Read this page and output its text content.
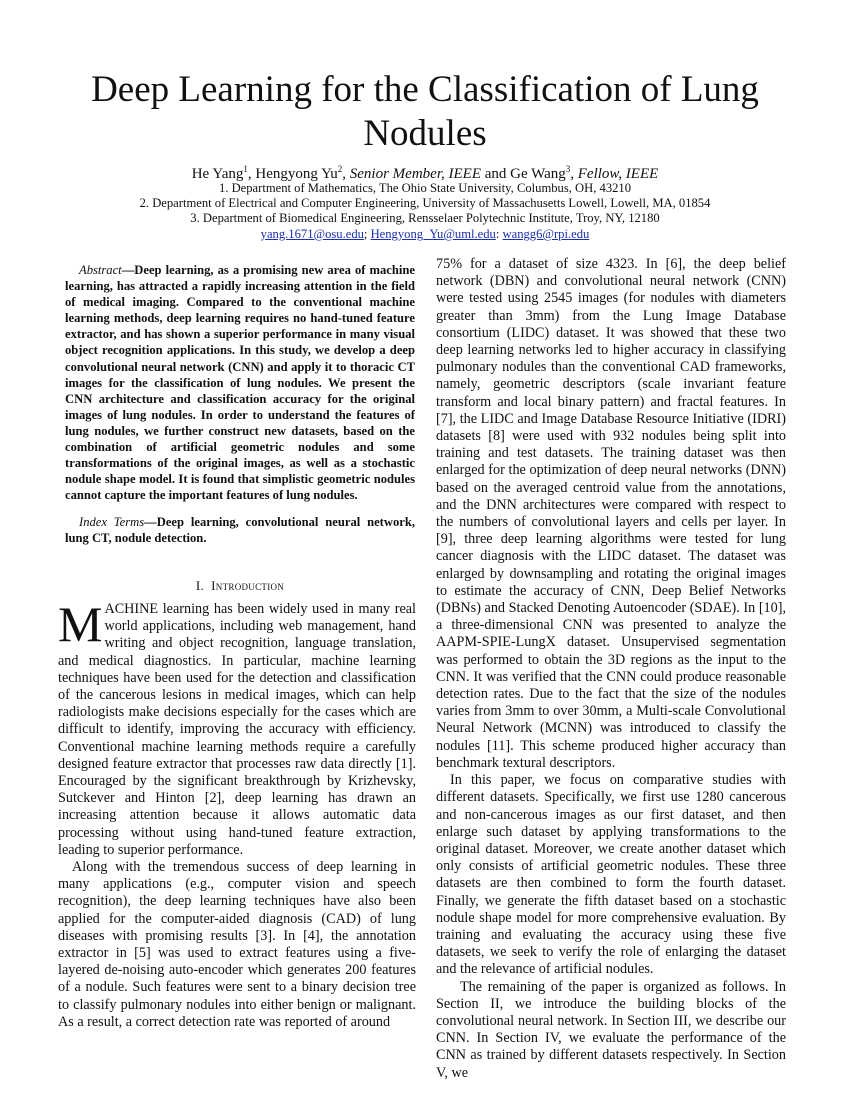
Deep Learning for the Classification of Lung Nodules
He Yang$^1$, Hengyong Yu$^2$, Senior Member, IEEE and Ge Wang$^3$, Fellow, IEEE
1. Department of Mathematics, The Ohio State University, Columbus, OH, 43210
2. Department of Electrical and Computer Engineering, University of Massachusetts Lowell, Lowell, MA, 01854
3. Department of Biomedical Engineering, Rensselaer Polytechnic Institute, Troy, NY, 12180
yang.1671@osu.edu; Hengyong_Yu@uml.edu: wangg6@rpi.edu

Abstract—Deep learning, as a promising new area of machine learning, has attracted a rapidly increasing attention in the field of medical imaging. Compared to the conventional machine learning methods, deep learning requires no hand-tuned feature extractor, and has shown a superior performance in many visual object recognition applications. In this study, we develop a deep convolutional neural network (CNN) and apply it to thoracic CT images for the classification of lung nodules. We present the CNN architecture and classification accuracy for the original images of lung nodules. In order to understand the features of lung nodules, we further construct new datasets, based on the combination of artificial geometric nodules and some transformations of the original images, as well as a stochastic nodule shape model. It is found that simplistic geometric nodules cannot capture the important features of lung nodules.

Index Terms—Deep learning, convolutional neural network, lung CT, nodule detection.

I. Introduction

MACHINE learning has been widely used in many real world applications, including web management, hand writing and object recognition, language translation, and medical diagnostics. In particular, machine learning techniques have been used for the detection and classification of the cancerous lesions in medical images, which can help radiologists make decisions especially for the cases which are difficult to identify, improving the accuracy with efficiency. Conventional machine learning methods require a carefully designed feature extractor that processes raw data directly [1]. Encouraged by the significant breakthrough by Krizhevsky, Sutckever and Hinton [2], deep learning has drawn an increasing attention because it allows automatic data processing without using hand-tuned feature extraction, leading to superior performance.

Along with the tremendous success of deep learning in many applications (e.g., computer vision and speech recognition), the deep learning techniques have also been applied for the computer-aided diagnosis (CAD) of lung diseases with promising results [3]. In [4], the annotation extractor in [5] was used to extract features using a five-layered de-noising auto-encoder which generates 200 features of a nodule. Such features were sent to a binary decision tree to classify pulmonary nodules into either benign or malignant. As a result, a correct detection rate was reported of around

75% for a dataset of size 4323. In [6], the deep belief network (DBN) and convolutional neural network (CNN) were tested using 2545 images (for nodules with diameters greater than 3mm) from the Lung Image Database consortium (LIDC) dataset. It was showed that these two deep learning networks led to higher accuracy in classifying pulmonary nodules than the conventional CAD frameworks, namely, geometric descriptors (scale invariant feature transform and local binary pattern) and fractal features. In [7], the LIDC and Image Database Resource Initiative (IDRI) datasets [8] were used with 932 nodules being split into training and test datasets. The training dataset was then enlarged for the optimization of deep neural networks (DNN) based on the averaged centroid value from the annotations, and the DNN architectures were compared with respect to the numbers of convolutional layers and cells per layer. In [9], three deep learning algorithms were tested for lung cancer diagnosis with the LIDC dataset. The dataset was enlarged by downsampling and rotating the original images to estimate the accuracy of CNN, Deep Belief Networks (DBNs) and Stacked Denoting Autoencoder (SDAE). In [10], a three-dimensional CNN was presented to analyze the AAPM-SPIE-LungX dataset. Unsupervised segmentation was performed to obtain the 3D regions as the input to the CNN. It was verified that the CNN could produce reasonable detection rates. Due to the fact that the size of the nodules varies from 3mm to over 30mm, a Multi-scale Convolutional Neural Network (MCNN) was introduced to classify the nodules [11]. This scheme produced higher accuracy than benchmark textural descriptors.

In this paper, we focus on comparative studies with different datasets. Specifically, we first use 1280 cancerous and non-cancerous images as our first dataset, and then enlarge such dataset by applying transformations to the original dataset. Moreover, we create another dataset which only consists of artificial geometric nodules. These three datasets are then combined to form the fourth dataset. Finally, we generate the fifth dataset based on a stochastic nodule shape model for more comprehensive evaluation. By training and evaluating the accuracy using these five datasets, we seek to verify the role of enlarging the dataset and the relevance of artificial nodules.

The remaining of the paper is organized as follows. In Section II, we introduce the building blocks of the convolutional neural network. In Section III, we describe our CNN. In Section IV, we evaluate the performance of the CNN as trained by different datasets respectively. In Section V, we
